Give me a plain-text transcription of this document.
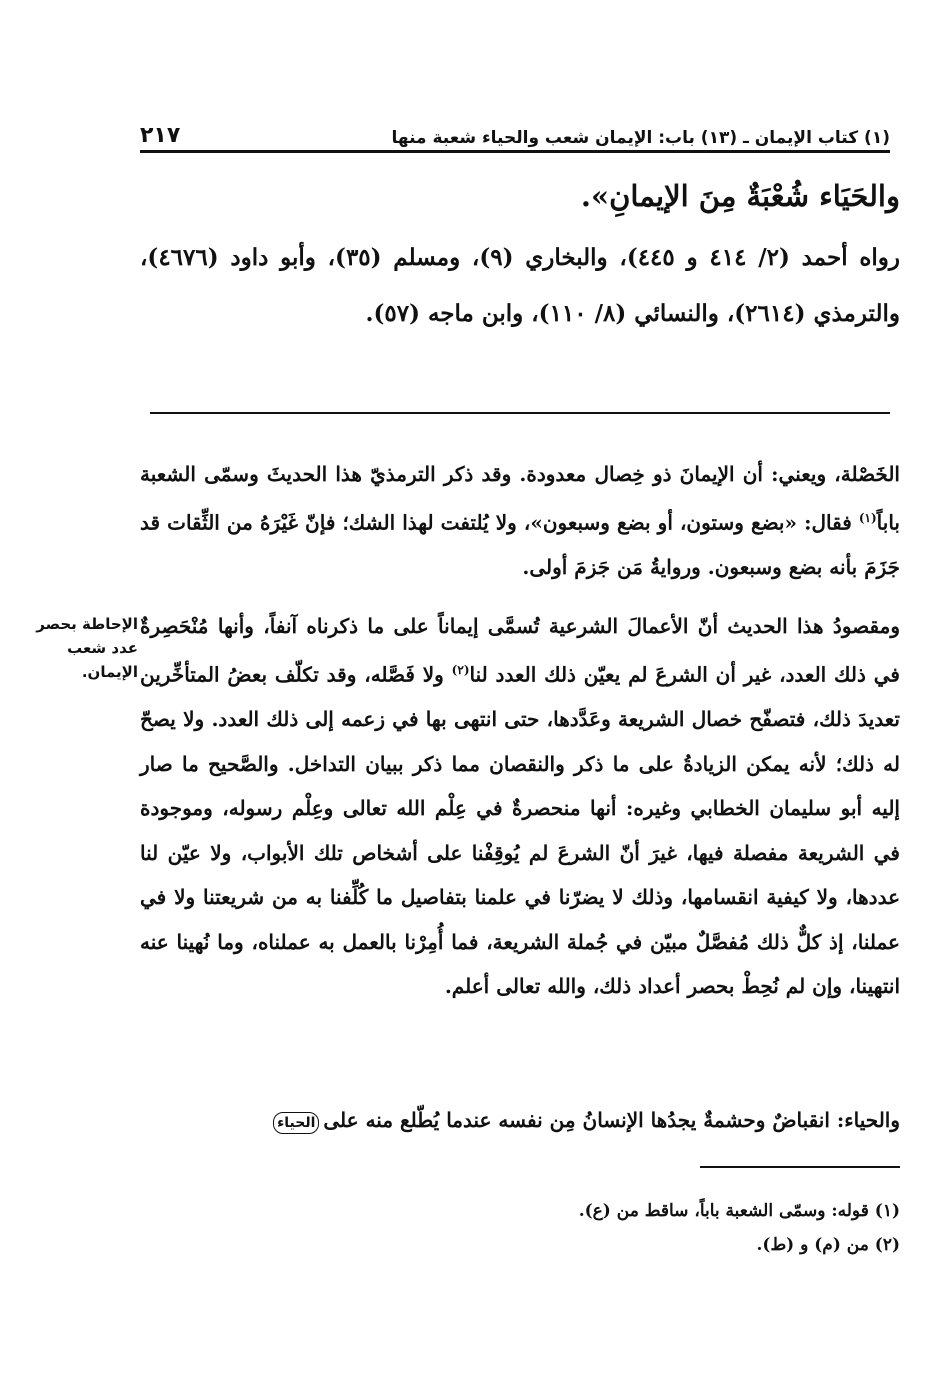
(١) كتاب الإيمان ـ (١٣) باب: الإيمان شعب والحياء شعبة منها
٢١٧
والحَيَاء شُعْبَةٌ مِنَ الإيمانِ».
رواه أحمد (٢/ ٤١٤ و ٤٤٥)، والبخاري (٩)، ومسلم (٣٥)، وأبو داود (٤٦٧٦)، والترمذي (٢٦١٤)، والنسائي (٨/ ١١٠)، وابن ماجه (٥٧).
الخَصْلة، ويعني: أن الإيمانَ ذو خِصال معدودة. وقد ذكر الترمذيّ هذا الحديثَ وسمّى الشعبة باباً$^{(١)}$ فقال: «بضع وستون، أو بضع وسبعون»، ولا يُلتفت لهذا الشك؛ فإنّ غَيْرَهُ من الثِّقات قد جَزَمَ بأنه بضع وسبعون. وروايةُ مَن جَزمَ أولى.
ومقصودُ هذا الحديث أنّ الأعمالَ الشرعية تُسمَّى إيماناً على ما ذكرناه آنفاً، وأنها مُنْحَصِرةٌ في ذلك العدد، غير أن الشرعَ لم يعيّن ذلك العدد لنا$^{(٢)}$ ولا فَصَّله، وقد تكلّف بعضُ المتأخِّرين تعديدَ ذلك، فتصفّح خصال الشريعة وعَدَّدها، حتى انتهى بها في زعمه إلى ذلك العدد. ولا يصحّ له ذلك؛ لأنه يمكن الزيادةُ على ما ذكر والنقصان مما ذكر ببيان التداخل. والصَّحيح ما صار إليه أبو سليمان الخطابي وغيره: أنها منحصرةٌ في عِلْم الله تعالى وعِلْم رسوله، وموجودة في الشريعة مفصلة فيها، غيرَ أنّ الشرعَ لم يُوقِفْنا على أشخاص تلك الأبواب، ولا عيّن لنا عددها، ولا كيفية انقسامها، وذلك لا يضرّنا في علمنا بتفاصيل ما كُلِّفنا به من شريعتنا ولا في عملنا، إذ كلٌّ ذلك مُفصَّلٌ مبيّن في جُملة الشريعة، فما أُمِرْنا بالعمل به عملناه، وما نُهينا عنه انتهينا، وإن لم نُحِطْ بحصر أعداد ذلك، والله تعالى أعلم.
الإحاطة بحصر عدد شعب الإيمان.
والحياء: انقباضٌ وحشمةٌ يجدُها الإنسانُ مِن نفسه عندما يُطّلع منه علىالحياء
(١) قوله: وسمّى الشعبة باباً، ساقط من (ع).
(٢) من (م) و (ط).
